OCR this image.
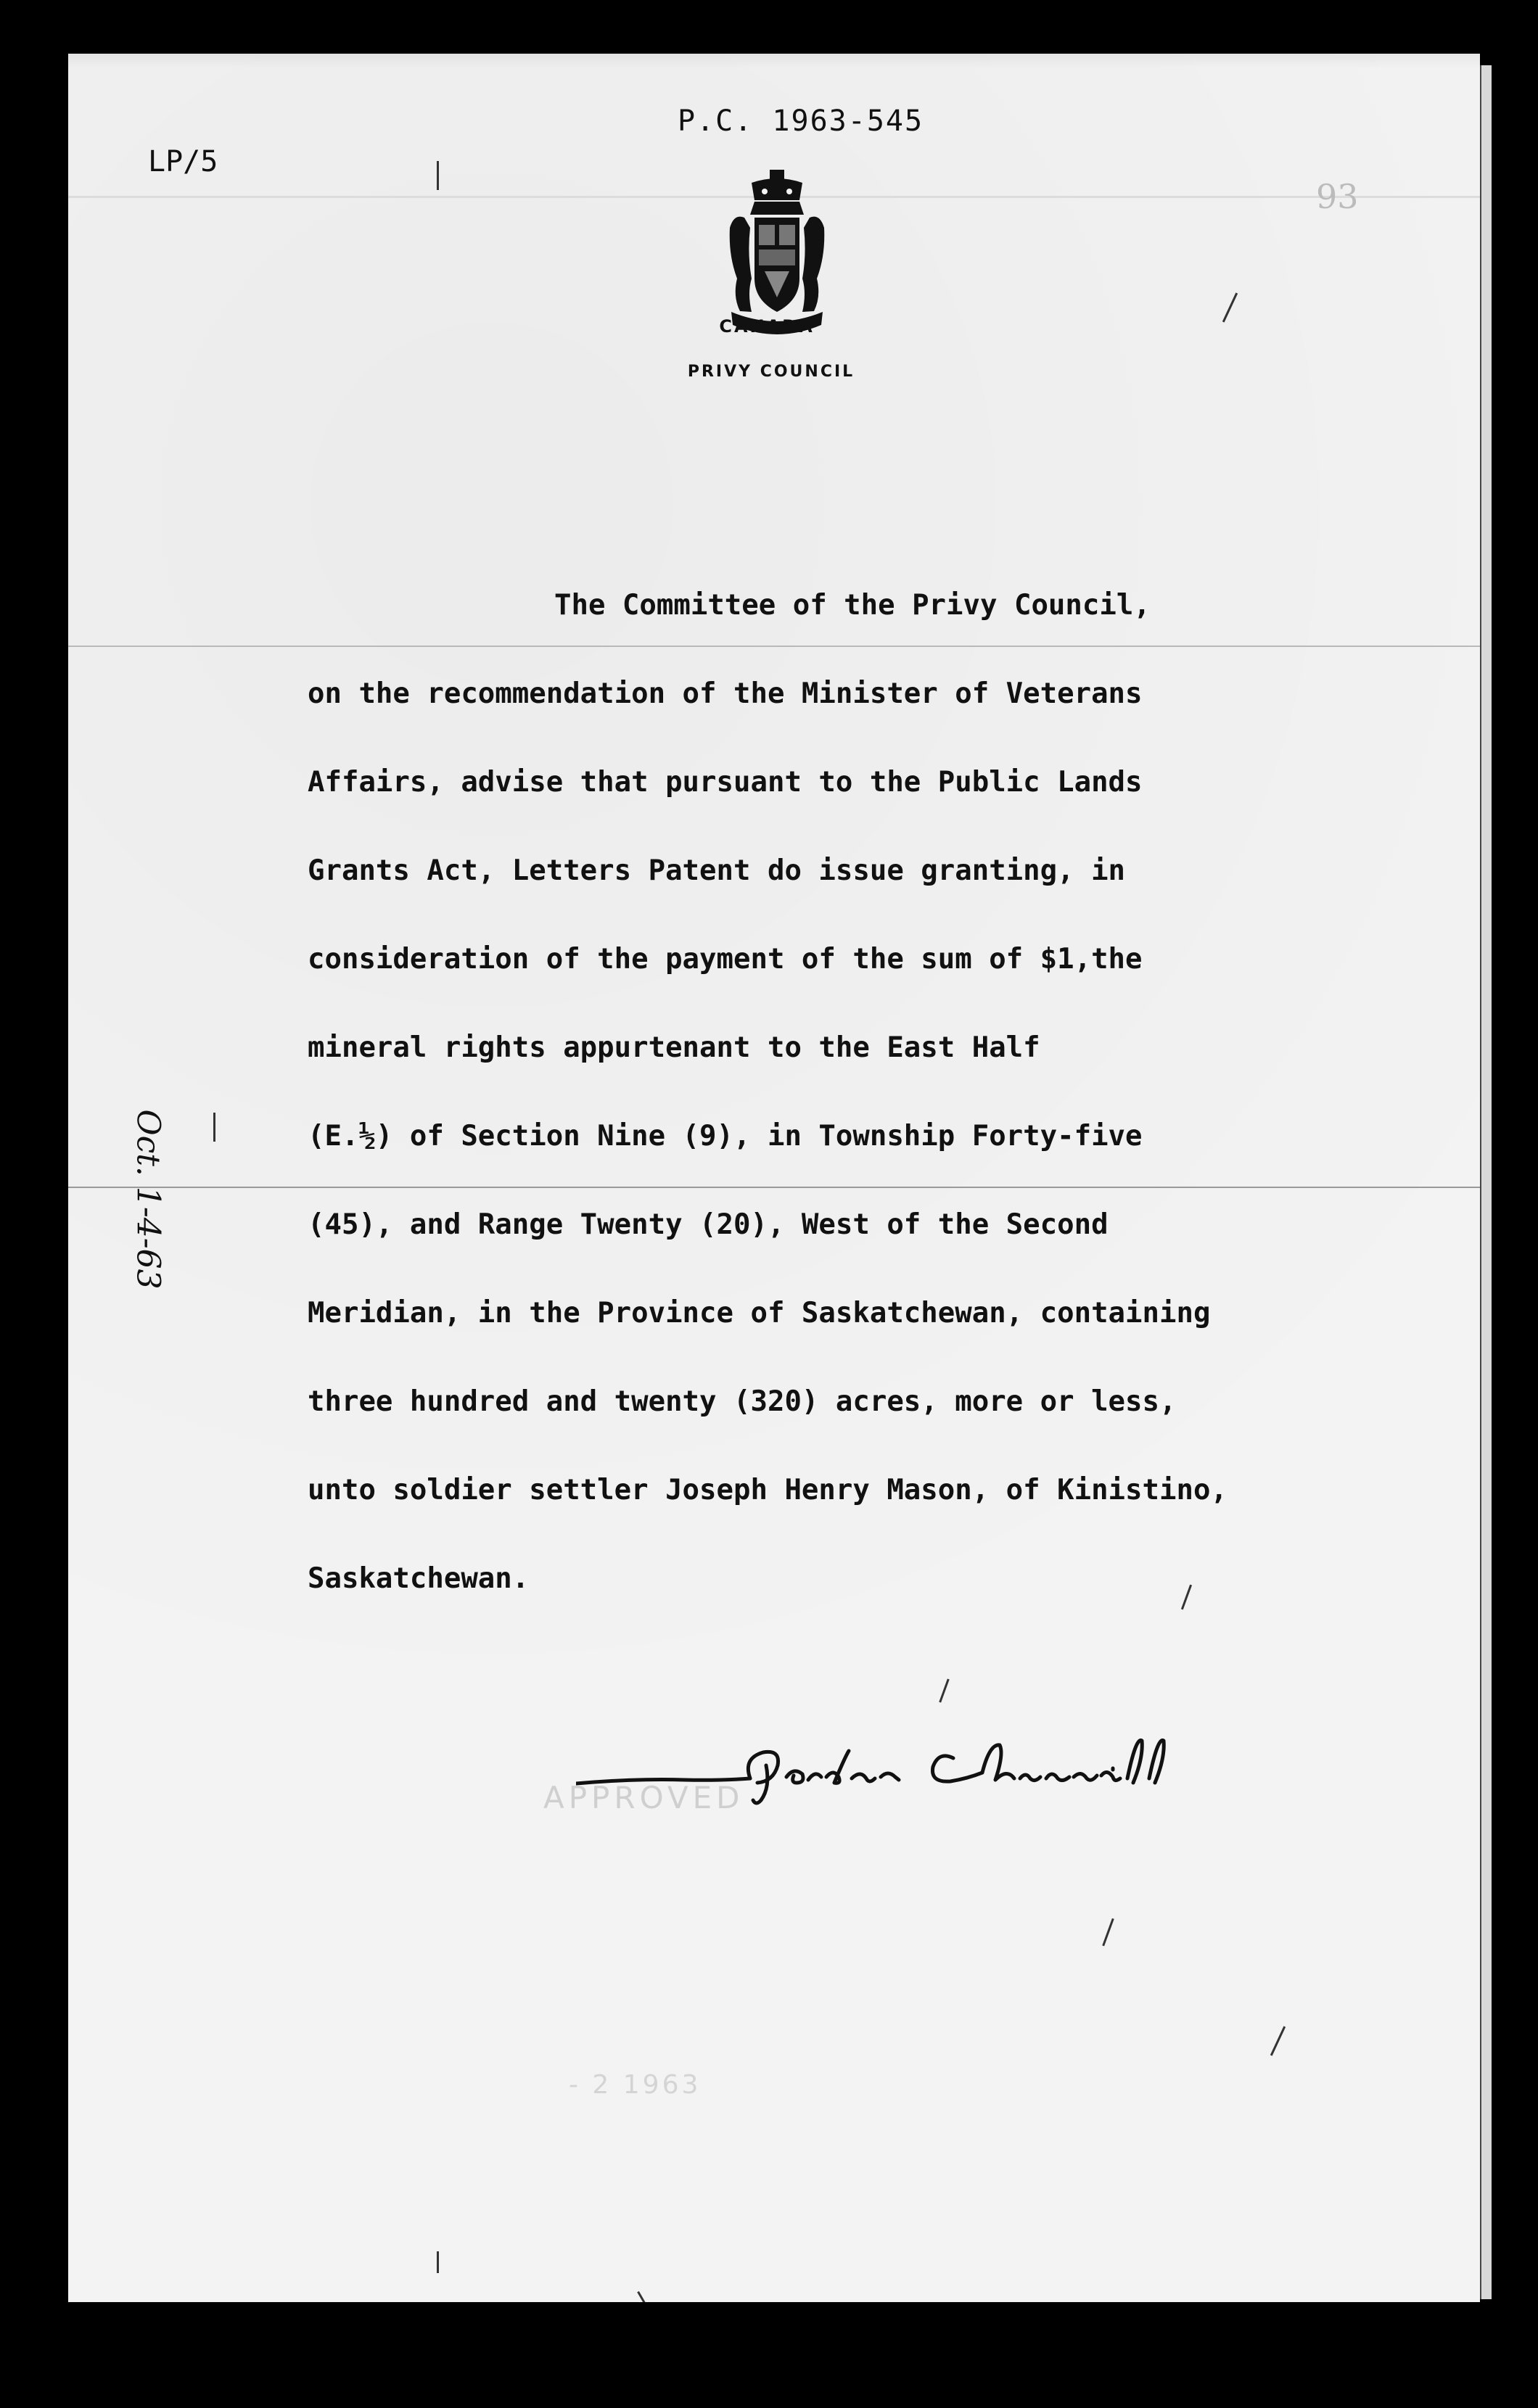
P.C. 1963-545
LP/5
93
CANADA
PRIVY COUNCIL

The Committee of the Privy Council,

on the recommendation of the Minister of Veterans

Affairs, advise that pursuant to the Public Lands

Grants Act, Letters Patent do issue granting, in

consideration of the payment of the sum of $1,the

mineral rights appurtenant to the East Half

(E.½) of Section Nine (9), in Township Forty-five

(45), and Range Twenty (20), West of the Second

Meridian, in the Province of Saskatchewan, containing

three hundred and twenty (320) acres, more or less,

unto soldier settler Joseph Henry Mason, of Kinistino,

Saskatchewan.

Oct. 1-4-63
APPROVED
- 2 1963
